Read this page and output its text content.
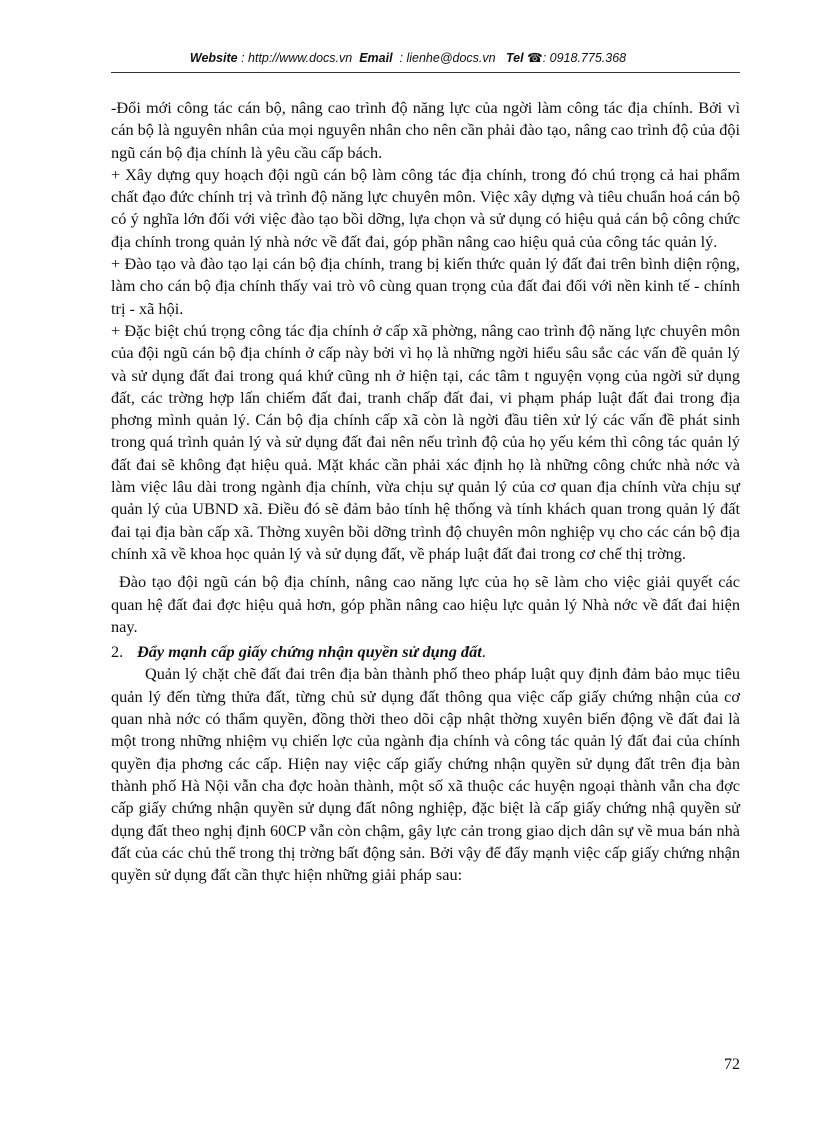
Website : http://www.docs.vn Email : lienhe@docs.vn Tel ☎: 0918.775.368

-Đổi mới công tác cán bộ, nâng cao trình độ năng lực của ngời làm công tác địa chính. Bởi vì cán bộ là nguyên nhân của mọi nguyên nhân cho nên cần phải đào tạo, nâng cao trình độ của đội ngũ cán bộ địa chính là yêu cầu cấp bách.

+ Xây dựng quy hoạch đội ngũ cán bộ làm công tác địa chính, trong đó chú trọng cả hai phẩm chất đạo đức chính trị và trình độ năng lực chuyên môn. Việc xây dựng và tiêu chuẩn hoá cán bộ có ý nghĩa lớn đối với việc đào tạo bồi dỡng, lựa chọn và sử dụng có hiệu quả cán bộ công chức địa chính trong quản lý nhà nớc về đất đai, góp phần nâng cao hiệu quả của công tác quản lý.

+ Đào tạo và đào tạo lại cán bộ địa chính, trang bị kiến thức quản lý đất đai trên bình diện rộng, làm cho cán bộ địa chính thấy vai trò vô cùng quan trọng của đất đai đối với nền kinh tế - chính trị - xã hội.

+ Đặc biệt chú trọng công tác địa chính ở cấp xã phờng, nâng cao trình độ năng lực chuyên môn của đội ngũ cán bộ địa chính ở cấp này bởi vì họ là những ngời hiểu sâu sắc các vấn đề quản lý và sử dụng đất đai trong quá khứ cũng nh ở hiện tại, các tâm t nguyện vọng của ngời sử dụng đất, các trờng hợp lấn chiếm đất đai, tranh chấp đất đai, vi phạm pháp luật đất đai trong địa phơng mình quản lý. Cán bộ địa chính cấp xã còn là ngời đầu tiên xử lý các vấn đề phát sinh trong quá trình quản lý và sử dụng đất đai nên nếu trình độ của họ yếu kém thì công tác quản lý đất đai sẽ không đạt hiệu quả. Mặt khác cần phải xác định họ là những công chức nhà nớc và làm việc lâu dài trong ngành địa chính, vừa chịu sự quản lý của cơ quan địa chính vừa chịu sự quản lý của UBND xã. Điều đó sẽ đảm bảo tính hệ thống và tính khách quan trong quản lý đất đai tại địa bàn cấp xã. Thờng xuyên bồi dỡng trình độ chuyên môn nghiệp vụ cho các cán bộ địa chính xã về khoa học quản lý và sử dụng đất, về pháp luật đất đai trong cơ chế thị trờng.

Đào tạo đội ngũ cán bộ địa chính, nâng cao năng lực của họ sẽ làm cho việc giải quyết các quan hệ đất đai đợc hiệu quả hơn, góp phần nâng cao hiệu lực quản lý Nhà nớc về đất đai hiện nay.

2. Đẩy mạnh cấp giấy chứng nhận quyền sử dụng đất.

Quản lý chặt chẽ đất đai trên địa bàn thành phố theo pháp luật quy định đảm bảo mục tiêu quản lý đến từng thửa đất, từng chủ sử dụng đất thông qua việc cấp giấy chứng nhận của cơ quan nhà nớc có thẩm quyền, đồng thời theo dõi cập nhật thờng xuyên biến động về đất đai là một trong những nhiệm vụ chiến lợc của ngành địa chính và công tác quản lý đất đai của chính quyền địa phơng các cấp. Hiện nay việc cấp giấy chứng nhận quyền sử dụng đất trên địa bàn thành phố Hà Nội vẫn cha đợc hoàn thành, một số xã thuộc các huyện ngoại thành vẫn cha đợc cấp giấy chứng nhận quyền sử dụng đất nông nghiệp, đặc biệt là cấp giấy chứng nhậ quyền sử dụng đất theo nghị định 60CP vẫn còn chậm, gây lực cản trong giao dịch dân sự về mua bán nhà đất của các chủ thể trong thị trờng bất động sản. Bởi vậy để đẩy mạnh việc cấp giấy chứng nhận quyền sử dụng đất cần thực hiện những giải pháp sau:

72
